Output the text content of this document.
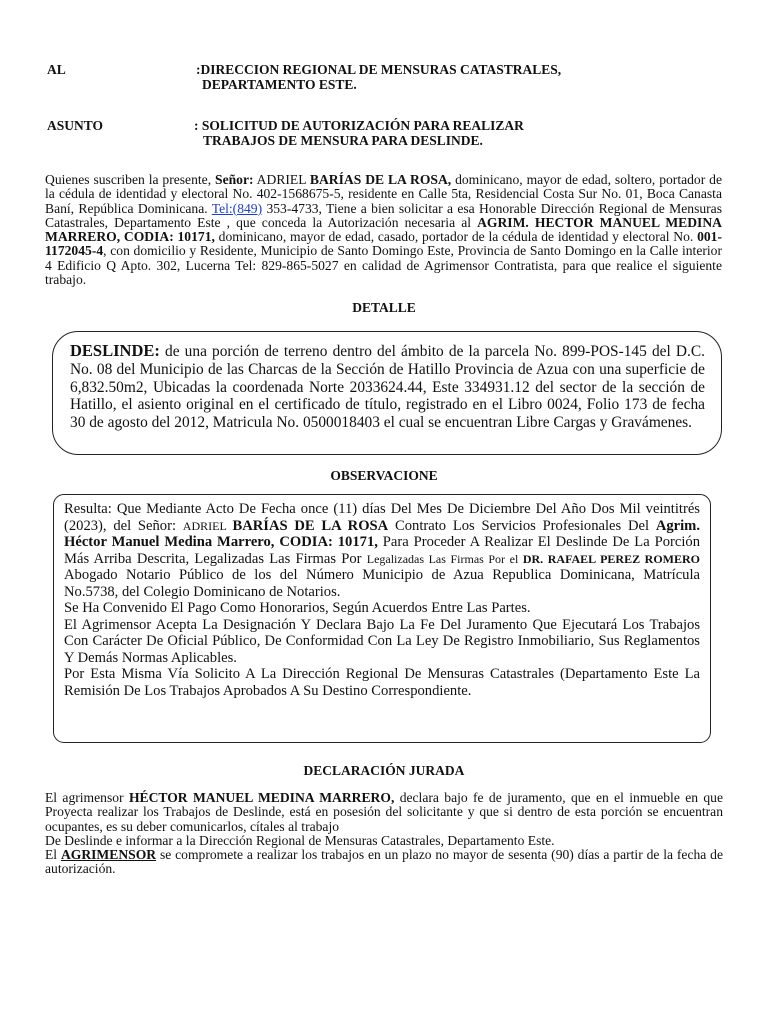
AL	:DIRECCION REGIONAL DE MENSURAS CATASTRALES,
DEPARTAMENTO ESTE.
ASUNTO	: SOLICITUD DE AUTORIZACIÓN PARA REALIZAR
TRABAJOS DE MENSURA PARA DESLINDE.

Quienes suscriben la presente, Señor: ADRIEL BARÍAS DE LA ROSA, dominicano, mayor de edad, soltero, portador de la cédula de identidad y electoral No. 402-1568675-5, residente en Calle 5ta, Residencial Costa Sur No. 01, Boca Canasta Baní, República Dominicana. Tel:(849) 353-4733, Tiene a bien solicitar a esa Honorable Dirección Regional de Mensuras Catastrales, Departamento Este , que conceda la Autorización necesaria al AGRIM. HECTOR MANUEL MEDINA MARRERO, CODIA: 10171, dominicano, mayor de edad, casado, portador de la cédula de identidad y electoral No. 001-1172045-4, con domicilio y Residente, Municipio de Santo Domingo Este, Provincia de Santo Domingo en la Calle interior 4 Edificio Q Apto. 302, Lucerna Tel: 829-865-5027 en calidad de Agrimensor Contratista, para que realice el siguiente trabajo.

DETALLE
DESLINDE: de una porción de terreno dentro del ámbito de la parcela No. 899-POS-145 del D.C. No. 08 del Municipio de las Charcas de la Sección de Hatillo Provincia de Azua con una superficie de 6,832.50m2, Ubicadas la coordenada Norte 2033624.44, Este 334931.12 del sector de la sección de Hatillo, el asiento original en el certificado de título, registrado en el Libro 0024, Folio 173 de fecha 30 de agosto del 2012, Matricula No. 0500018403 el cual se encuentran Libre Cargas y Gravámenes.
OBSERVACIONE

Resulta: Que Mediante Acto De Fecha once (11) días Del Mes De Diciembre Del Año Dos Mil veintitrés (2023), del Señor: ADRIEL BARÍAS DE LA ROSA Contrato Los Servicios Profesionales Del Agrim. Héctor Manuel Medina Marrero, CODIA: 10171, Para Proceder A Realizar El Deslinde De La Porción Más Arriba Descrita, Legalizadas Las Firmas Por Legalizadas Las Firmas Por el DR. RAFAEL PEREZ ROMERO Abogado Notario Público de los del Número Municipio de Azua Republica Dominicana, Matrícula No.5738, del Colegio Dominicano de Notarios.

Se Ha Convenido El Pago Como Honorarios, Según Acuerdos Entre Las Partes.

El Agrimensor Acepta La Designación Y Declara Bajo La Fe Del Juramento Que Ejecutará Los Trabajos Con Carácter De Oficial Público, De Conformidad Con La Ley De Registro Inmobiliario, Sus Reglamentos Y Demás Normas Aplicables.

Por Esta Misma Vía Solicito A La Dirección Regional De Mensuras Catastrales (Departamento Este La Remisión De Los Trabajos Aprobados A Su Destino Correspondiente.

DECLARACIÓN JURADA

El agrimensor HÉCTOR MANUEL MEDINA MARRERO, declara bajo fe de juramento, que en el inmueble en que Proyecta realizar los Trabajos de Deslinde, está en posesión del solicitante y que si dentro de esta porción se encuentran ocupantes, es su deber comunicarlos, cítales al trabajo

De Deslinde e informar a la Dirección Regional de Mensuras Catastrales, Departamento Este.

El AGRIMENSOR se compromete a realizar los trabajos en un plazo no mayor de sesenta (90) días a partir de la fecha de autorización.
